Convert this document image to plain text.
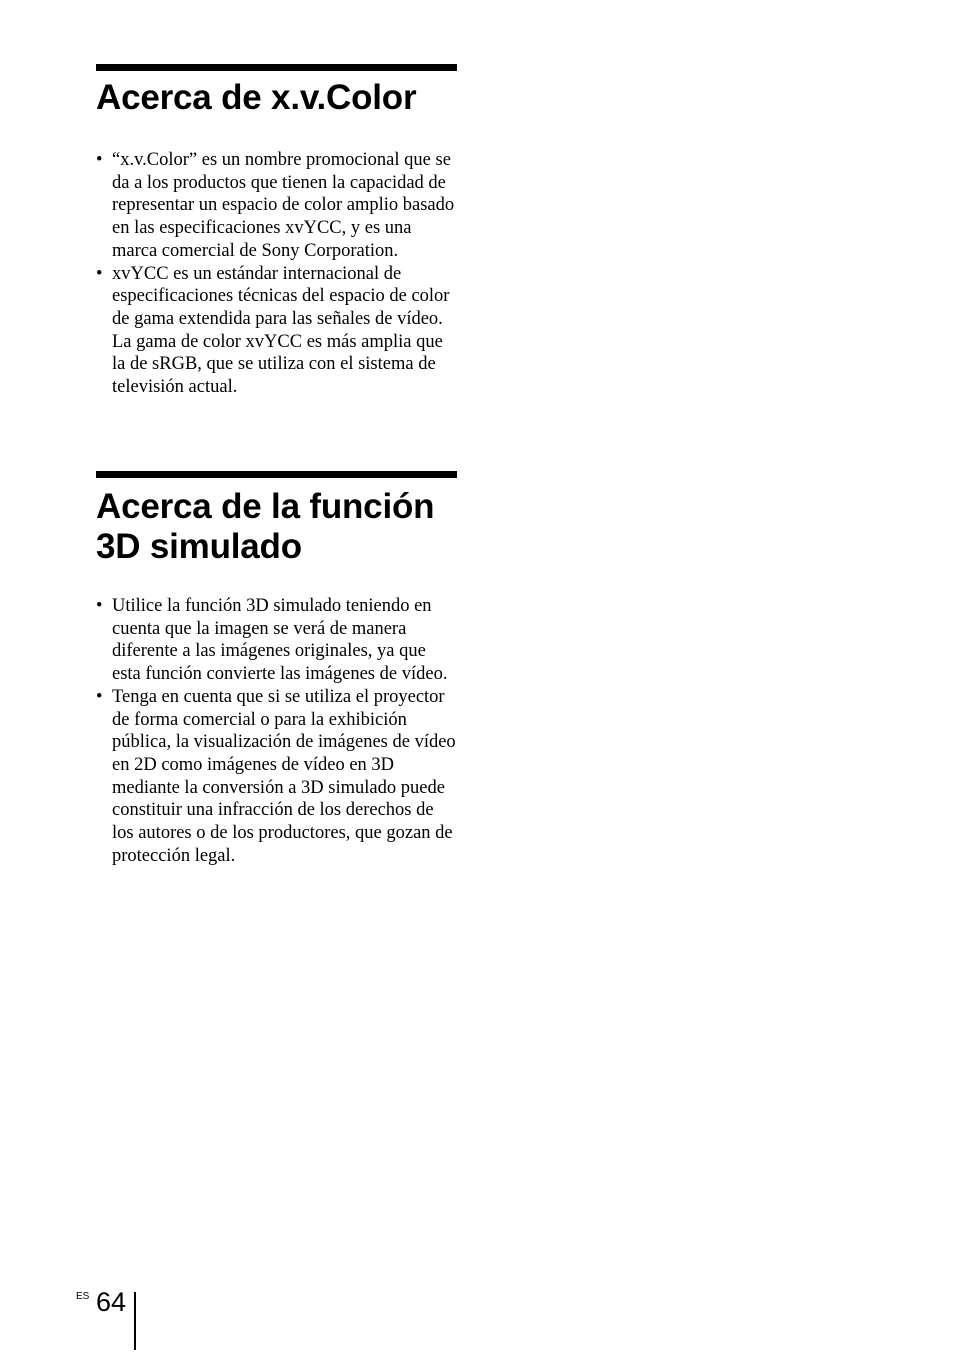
Acerca de x.v.Color
• “x.v.Color” es un nombre promocional que se da a los productos que tienen la capacidad de representar un espacio de color amplio basado en las especificaciones xvYCC, y es una marca comercial de Sony Corporation.
• xvYCC es un estándar internacional de especificaciones técnicas del espacio de color de gama extendida para las señales de vídeo. La gama de color xvYCC es más amplia que la de sRGB, que se utiliza con el sistema de televisión actual.
Acerca de la función
3D simulado
• Utilice la función 3D simulado teniendo en cuenta que la imagen se verá de manera diferente a las imágenes originales, ya que esta función convierte las imágenes de vídeo.
• Tenga en cuenta que si se utiliza el proyector de forma comercial o para la exhibición pública, la visualización de imágenes de vídeo en 2D como imágenes de vídeo en 3D mediante la conversión a 3D simulado puede constituir una infracción de los derechos de los autores o de los productores, que gozan de protección legal.
ES 64
